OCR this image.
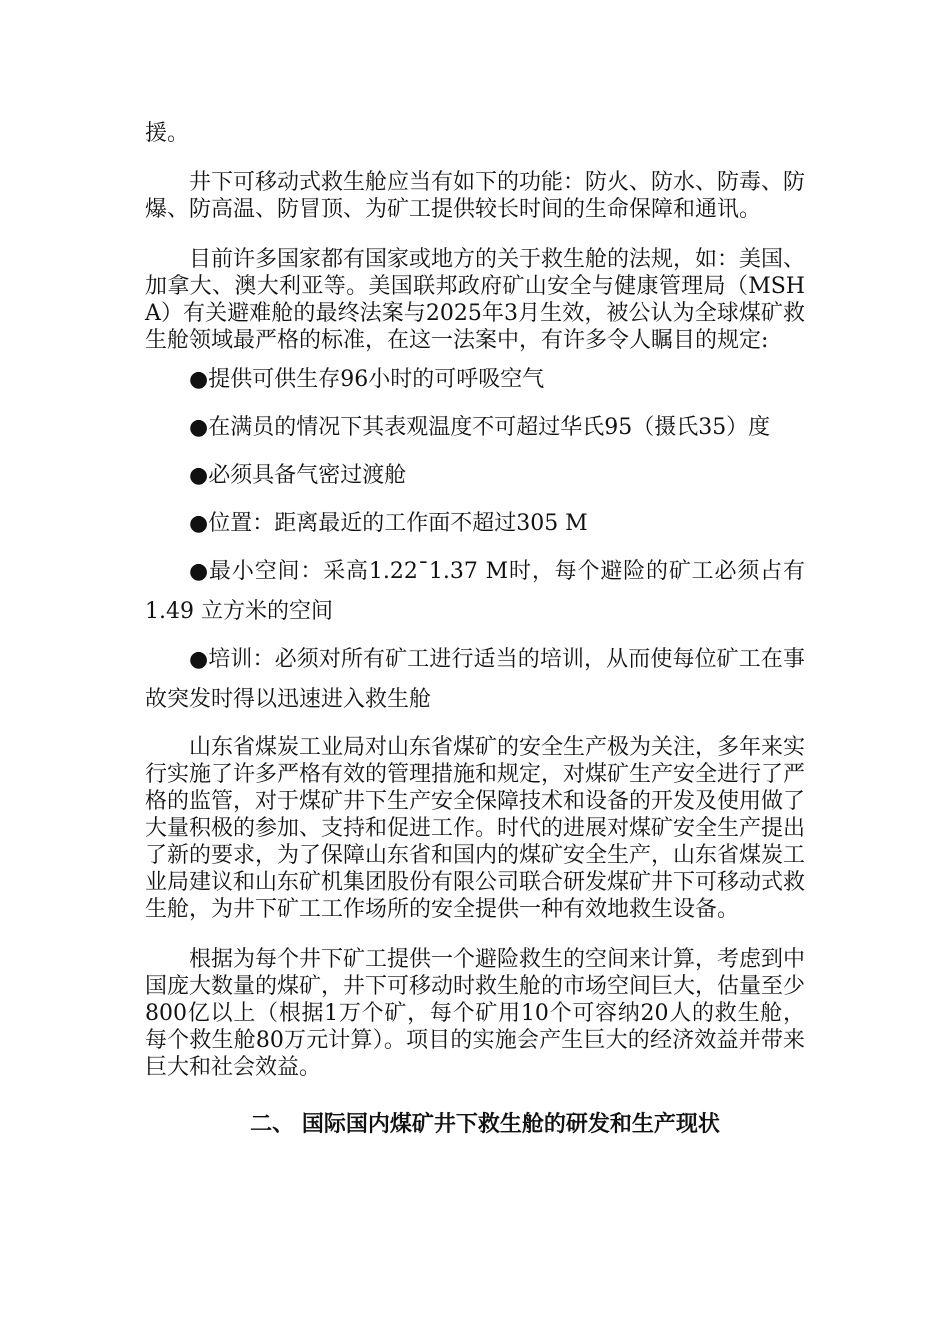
援。

井下可移动式救生舱应当有如下的功能：防火、防水、防毒、防爆、防高温、防冒顶、为矿工提供较长时间的生命保障和通讯。

目前许多国家都有国家或地方的关于救生舱的法规，如：美国、加拿大、澳大利亚等。美国联邦政府矿山安全与健康管理局（MSHA）有关避难舱的最终法案与2025年3月生效，被公认为全球煤矿救生舱领域最严格的标准，在这一法案中，有许多令人瞩目的规定:

●提供可供生存96小时的可呼吸空气

●在满员的情况下其表观温度不可超过华氏95（摄氏35）度

●必须具备气密过渡舱

●位置：距离最近的工作面不超过305 M

●最小空间：采高1.22¯1.37 M时，每个避险的矿工必须占有 1.49 立方米的空间

●培训：必须对所有矿工进行适当的培训，从而使每位矿工在事故突发时得以迅速进入救生舱

山东省煤炭工业局对山东省煤矿的安全生产极为关注，多年来实行实施了许多严格有效的管理措施和规定，对煤矿生产安全进行了严格的监管，对于煤矿井下生产安全保障技术和设备的开发及使用做了大量积极的参加、支持和促进工作。时代的进展对煤矿安全生产提出了新的要求，为了保障山东省和国内的煤矿安全生产，山东省煤炭工业局建议和山东矿机集团股份有限公司联合研发煤矿井下可移动式救生舱，为井下矿工工作场所的安全提供一种有效地救生设备。

根据为每个井下矿工提供一个避险救生的空间来计算，考虑到中国庞大数量的煤矿，井下可移动时救生舱的市场空间巨大，估量至少800亿以上（根据1万个矿，每个矿用10个可容纳20人的救生舱，每个救生舱80万元计算）。项目的实施会产生巨大的经济效益并带来巨大和社会效益。

二、 国际国内煤矿井下救生舱的研发和生产现状
